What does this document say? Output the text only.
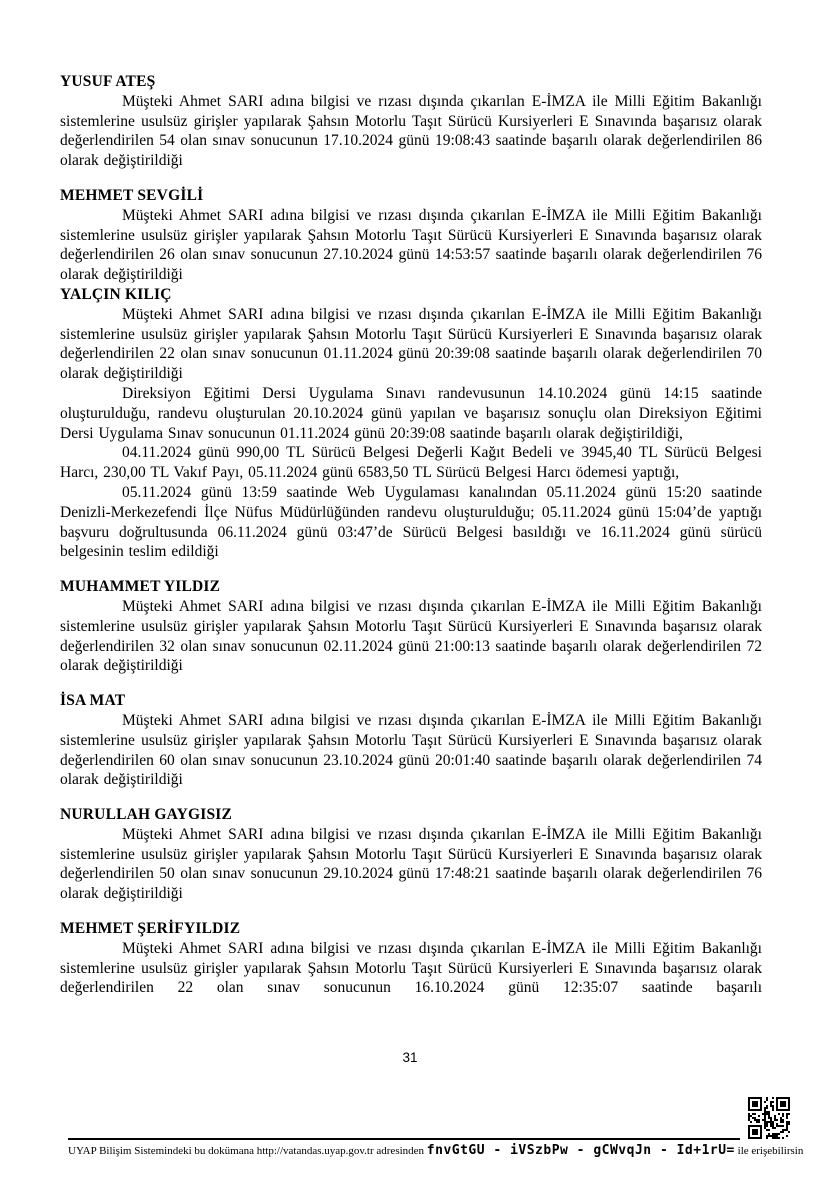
YUSUF ATEŞ

Müşteki Ahmet SARI adına bilgisi ve rızası dışında çıkarılan E-İMZA ile Milli Eğitim Bakanlığı sistemlerine usulsüz girişler yapılarak Şahsın Motorlu Taşıt Sürücü Kursiyerleri E Sınavında başarısız olarak değerlendirilen 54 olan sınav sonucunun 17.10.2024 günü 19:08:43 saatinde başarılı olarak değerlendirilen 86 olarak değiştirildiği

MEHMET SEVGİLİ

Müşteki Ahmet SARI adına bilgisi ve rızası dışında çıkarılan E-İMZA ile Milli Eğitim Bakanlığı sistemlerine usulsüz girişler yapılarak Şahsın Motorlu Taşıt Sürücü Kursiyerleri E Sınavında başarısız olarak değerlendirilen 26 olan sınav sonucunun 27.10.2024 günü 14:53:57 saatinde başarılı olarak değerlendirilen 76 olarak değiştirildiği

YALÇIN KILIÇ

Müşteki Ahmet SARI adına bilgisi ve rızası dışında çıkarılan E-İMZA ile Milli Eğitim Bakanlığı sistemlerine usulsüz girişler yapılarak Şahsın Motorlu Taşıt Sürücü Kursiyerleri E Sınavında başarısız olarak değerlendirilen 22 olan sınav sonucunun 01.11.2024 günü 20:39:08 saatinde başarılı olarak değerlendirilen 70 olarak değiştirildiği

Direksiyon Eğitimi Dersi Uygulama Sınavı randevusunun 14.10.2024 günü 14:15 saatinde oluşturulduğu, randevu oluşturulan 20.10.2024 günü yapılan ve başarısız sonuçlu olan Direksiyon Eğitimi Dersi Uygulama Sınav sonucunun 01.11.2024 günü 20:39:08 saatinde başarılı olarak değiştirildiği,

04.11.2024 günü 990,00 TL Sürücü Belgesi Değerli Kağıt Bedeli ve 3945,40 TL Sürücü Belgesi Harcı, 230,00 TL Vakıf Payı, 05.11.2024 günü 6583,50 TL Sürücü Belgesi Harcı ödemesi yaptığı,

05.11.2024 günü 13:59 saatinde Web Uygulaması kanalından 05.11.2024 günü 15:20 saatinde Denizli-Merkezefendi İlçe Nüfus Müdürlüğünden randevu oluşturulduğu; 05.11.2024 günü 15:04’de yaptığı başvuru doğrultusunda 06.11.2024 günü 03:47’de Sürücü Belgesi basıldığı ve 16.11.2024 günü sürücü belgesinin teslim edildiği

MUHAMMET YILDIZ

Müşteki Ahmet SARI adına bilgisi ve rızası dışında çıkarılan E-İMZA ile Milli Eğitim Bakanlığı sistemlerine usulsüz girişler yapılarak Şahsın Motorlu Taşıt Sürücü Kursiyerleri E Sınavında başarısız olarak değerlendirilen 32 olan sınav sonucunun 02.11.2024 günü 21:00:13 saatinde başarılı olarak değerlendirilen 72 olarak değiştirildiği

İSA MAT

Müşteki Ahmet SARI adına bilgisi ve rızası dışında çıkarılan E-İMZA ile Milli Eğitim Bakanlığı sistemlerine usulsüz girişler yapılarak Şahsın Motorlu Taşıt Sürücü Kursiyerleri E Sınavında başarısız olarak değerlendirilen 60 olan sınav sonucunun 23.10.2024 günü 20:01:40 saatinde başarılı olarak değerlendirilen 74 olarak değiştirildiği

NURULLAH GAYGISIZ

Müşteki Ahmet SARI adına bilgisi ve rızası dışında çıkarılan E-İMZA ile Milli Eğitim Bakanlığı sistemlerine usulsüz girişler yapılarak Şahsın Motorlu Taşıt Sürücü Kursiyerleri E Sınavında başarısız olarak değerlendirilen 50 olan sınav sonucunun 29.10.2024 günü 17:48:21 saatinde başarılı olarak değerlendirilen 76 olarak değiştirildiği

MEHMET ŞERİFYILDIZ

Müşteki Ahmet SARI adına bilgisi ve rızası dışında çıkarılan E-İMZA ile Milli Eğitim Bakanlığı sistemlerine usulsüz girişler yapılarak Şahsın Motorlu Taşıt Sürücü Kursiyerleri E Sınavında başarısız olarak değerlendirilen 22 olan sınav sonucunun 16.10.2024 günü 12:35:07 saatinde başarılı

31
UYAP Bilişim Sistemindeki bu dokümana http://vatandas.uyap.gov.tr adresinden fnvGtGU - iVSzbPw - gCWvqJn - Id+1rU= ile erişebilirsin
